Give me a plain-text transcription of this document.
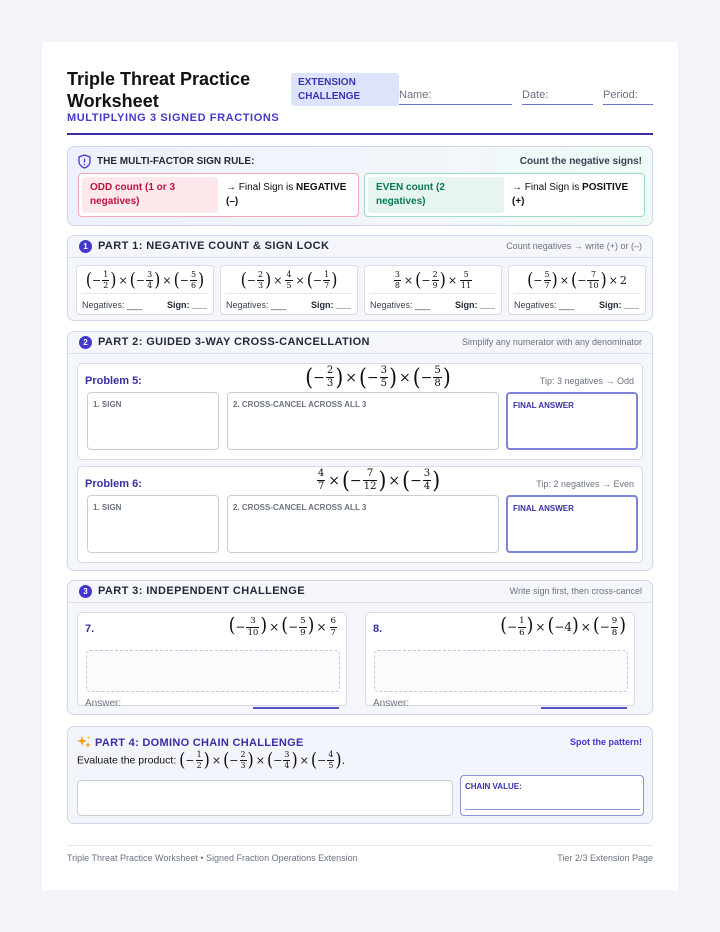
Triple Threat Practice Worksheet
MULTIPLYING 3 SIGNED FRACTIONS
EXTENSION CHALLENGE	Name:	Date:	Period:
THE MULTI-FACTOR SIGN RULE:	Count the negative signs!
ODD count (1 or 3 negatives)
→ Final Sign is NEGATIVE (–)
EVEN count (2 negatives)
→ Final Sign is POSITIVE (+)
1 PART 1: NEGATIVE COUNT & SIGN LOCK	Count negatives → write (+) or (–)
(− $\frac{1}{2}$ ) × (− $\frac{3}{4}$ ) × (− $\frac{5}{6}$ )
Negatives: ___	Sign: ___
(− $\frac{2}{3}$ ) × $\frac{4}{5}$ × (− $\frac{1}{7}$ )
Negatives: ___	Sign: ___
$\frac{3}{8}$ × (− $\frac{2}{9}$ ) × $\frac{5}{11}$
Negatives: ___	Sign: ___
(− $\frac{5}{7}$ ) × (− $\frac{7}{10}$ ) × 2
Negatives: ___	Sign: ___
2 PART 2: GUIDED 3-WAY CROSS-CANCELLATION	Simplify any numerator with any denominator
Problem 5:	(− $\frac{2}{3}$ ) ×(− $\frac{3}{5}$ ) ×(− $\frac{5}{8}$ )	Tip: 3 negatives → Odd
1. SIGN	2. CROSS-CANCEL ACROSS ALL 3	FINAL ANSWER
Problem 6:	$\frac{4}{7}$ ×(− $\frac{7}{12}$ ) ×(− $\frac{3}{4}$ )	Tip: 2 negatives → Even
1. SIGN	2. CROSS-CANCEL ACROSS ALL 3	FINAL ANSWER
3 PART 3: INDEPENDENT CHALLENGE	Write sign first, then cross-cancel
7.	(− $\frac{3}{10}$ ) × (− $\frac{5}{9}$ ) × $\frac{6}{7}$
Answer:
8.	(− $\frac{1}{6}$ ) × (−4) × (− $\frac{9}{8}$ )
Answer:
PART 4: DOMINO CHAIN CHALLENGE	Spot the pattern!
Evaluate the product: (− $\frac{1}{2}$ ) × (− $\frac{2}{3}$ ) × (− $\frac{3}{4}$ ) × (− $\frac{4}{5}$ ).
CHAIN VALUE:
Triple Threat Practice Worksheet • Signed Fraction Operations Extension	Tier 2/3 Extension Page
